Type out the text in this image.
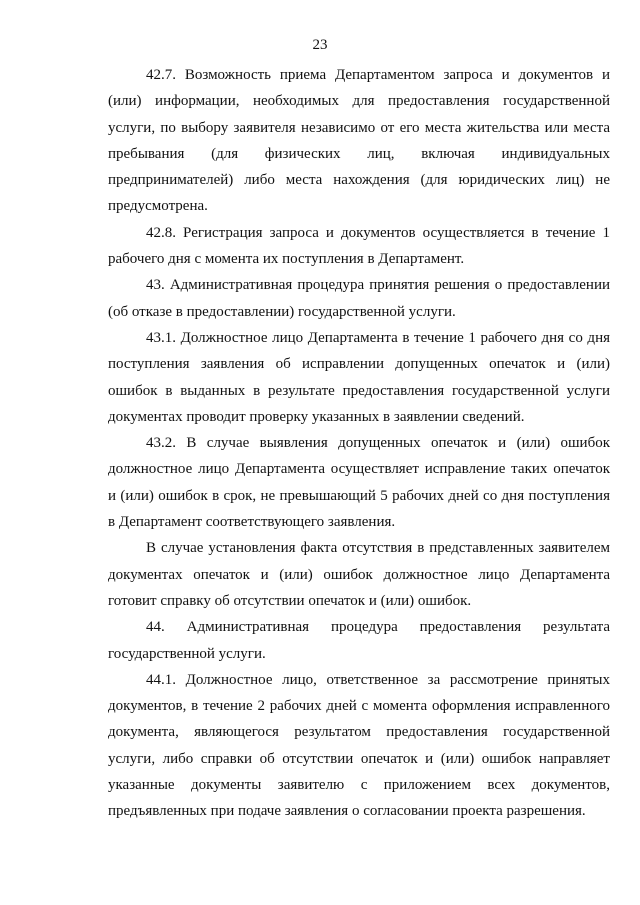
23
42.7. Возможность приема Департаментом запроса и документов и
(или) информации, необходимых для предоставления государственной
услуги, по выбору заявителя независимо от его места жительства или места
пребывания (для физических лиц, включая индивидуальных
предпринимателей) либо места нахождения (для юридических лиц) не
предусмотрена.
42.8. Регистрация запроса и документов осуществляется в течение 1
рабочего дня с момента их поступления в Департамент.
43. Административная процедура принятия решения о предоставлении
(об отказе в предоставлении) государственной услуги.
43.1. Должностное лицо Департамента в течение 1 рабочего дня со дня
поступления заявления об исправлении допущенных опечаток и (или)
ошибок в выданных в результате предоставления государственной услуги
документах проводит проверку указанных в заявлении сведений.
43.2. В случае выявления допущенных опечаток и (или) ошибок
должностное лицо Департамента осуществляет исправление таких опечаток
и (или) ошибок в срок, не превышающий 5 рабочих дней со дня поступления
в Департамент соответствующего заявления.
В случае установления факта отсутствия в представленных заявителем
документах опечаток и (или) ошибок должностное лицо Департамента
готовит справку об отсутствии опечаток и (или) ошибок.
44. Административная процедура предоставления результата
государственной услуги.
44.1. Должностное лицо, ответственное за рассмотрение принятых
документов, в течение 2 рабочих дней с момента оформления исправленного
документа, являющегося результатом предоставления государственной
услуги, либо справки об отсутствии опечаток и (или) ошибок направляет
указанные документы заявителю с приложением всех документов,
предъявленных при подаче заявления о согласовании проекта разрешения.
